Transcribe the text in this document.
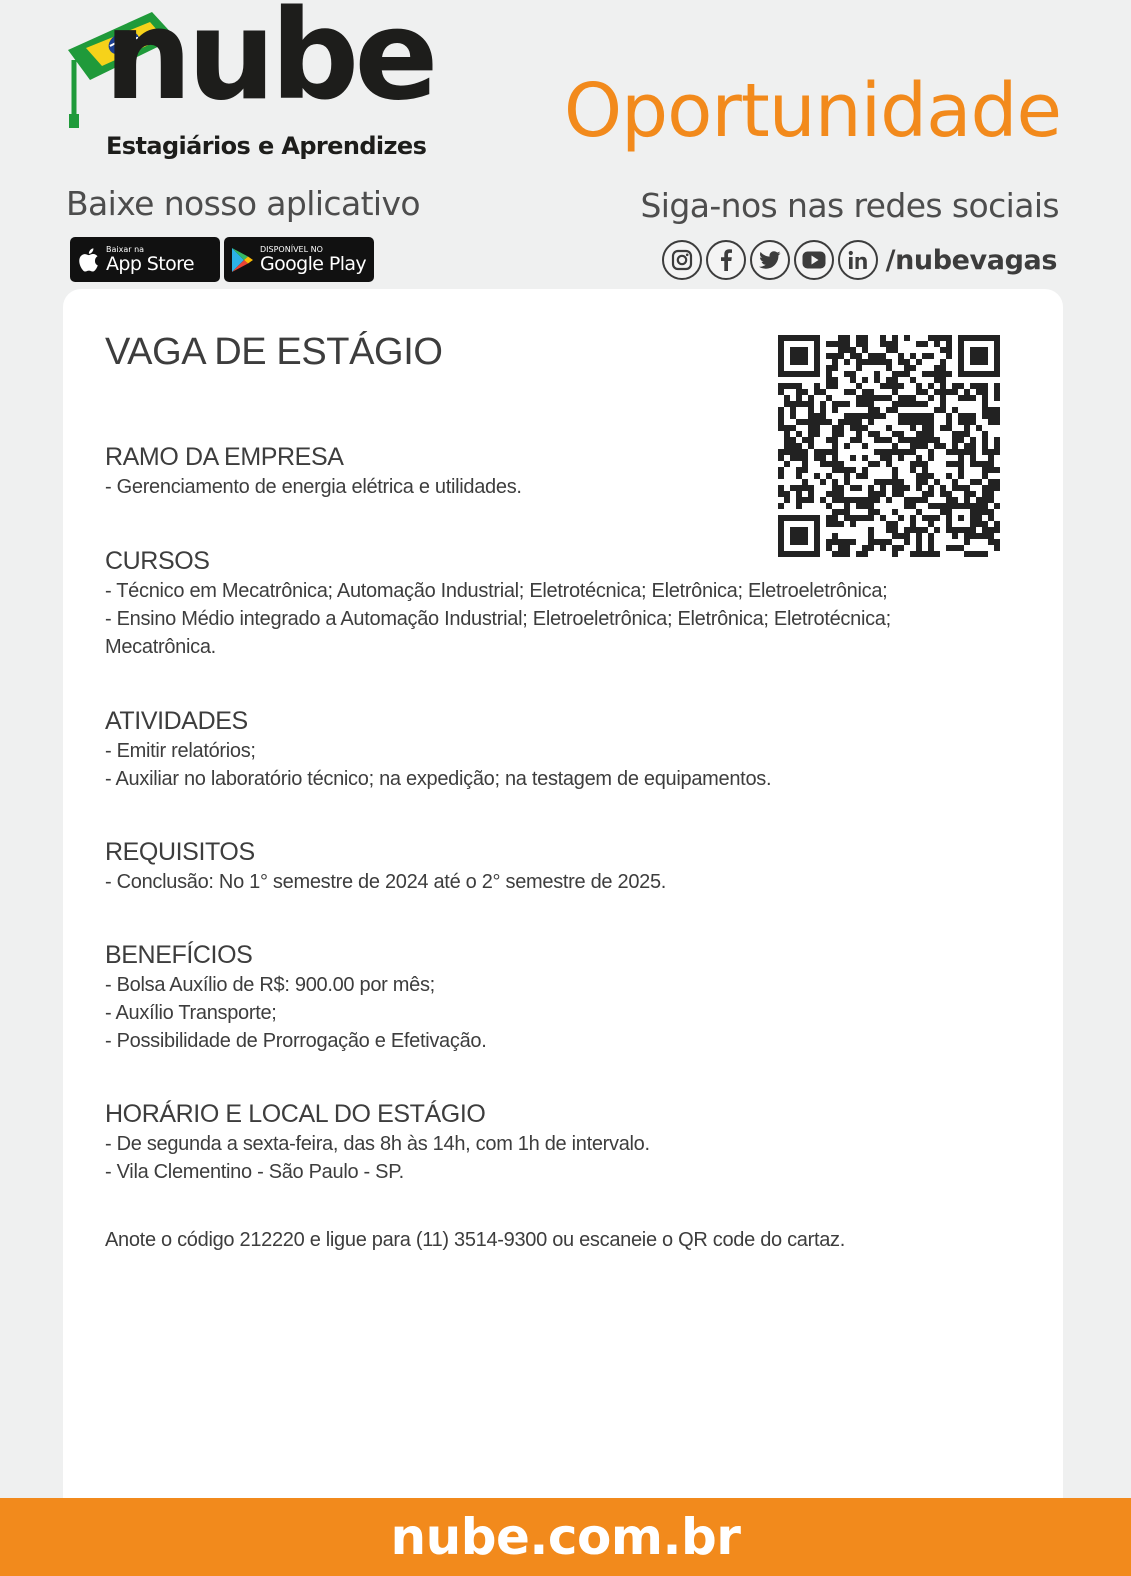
nube
Estagiários e Aprendizes Oportunidade
Baixe nosso aplicativo	Siga-nos nas redes sociais
Baixar na
App Store
DISPONÍVEL NO
Google Play	/nubevagas
VAGA DE ESTÁGIO
RAMO DA EMPRESA
- Gerenciamento de energia elétrica e utilidades.
CURSOS
- Técnico em Mecatrônica; Automação Industrial; Eletrotécnica; Eletrônica; Eletroeletrônica;
- Ensino Médio integrado a Automação Industrial; Eletroeletrônica; Eletrônica; Eletrotécnica;
Mecatrônica.
ATIVIDADES
- Emitir relatórios;
- Auxiliar no laboratório técnico; na expedição; na testagem de equipamentos.
REQUISITOS
- Conclusão: No 1° semestre de 2024 até o 2° semestre de 2025.
BENEFÍCIOS
- Bolsa Auxílio de R$: 900.00 por mês;
- Auxílio Transporte;
- Possibilidade de Prorrogação e Efetivação.
HORÁRIO E LOCAL DO ESTÁGIO
- De segunda a sexta-feira, das 8h às 14h, com 1h de intervalo.
- Vila Clementino - São Paulo - SP.
Anote o código 212220 e ligue para (11) 3514-9300 ou escaneie o QR code do cartaz.
nube.com.br
